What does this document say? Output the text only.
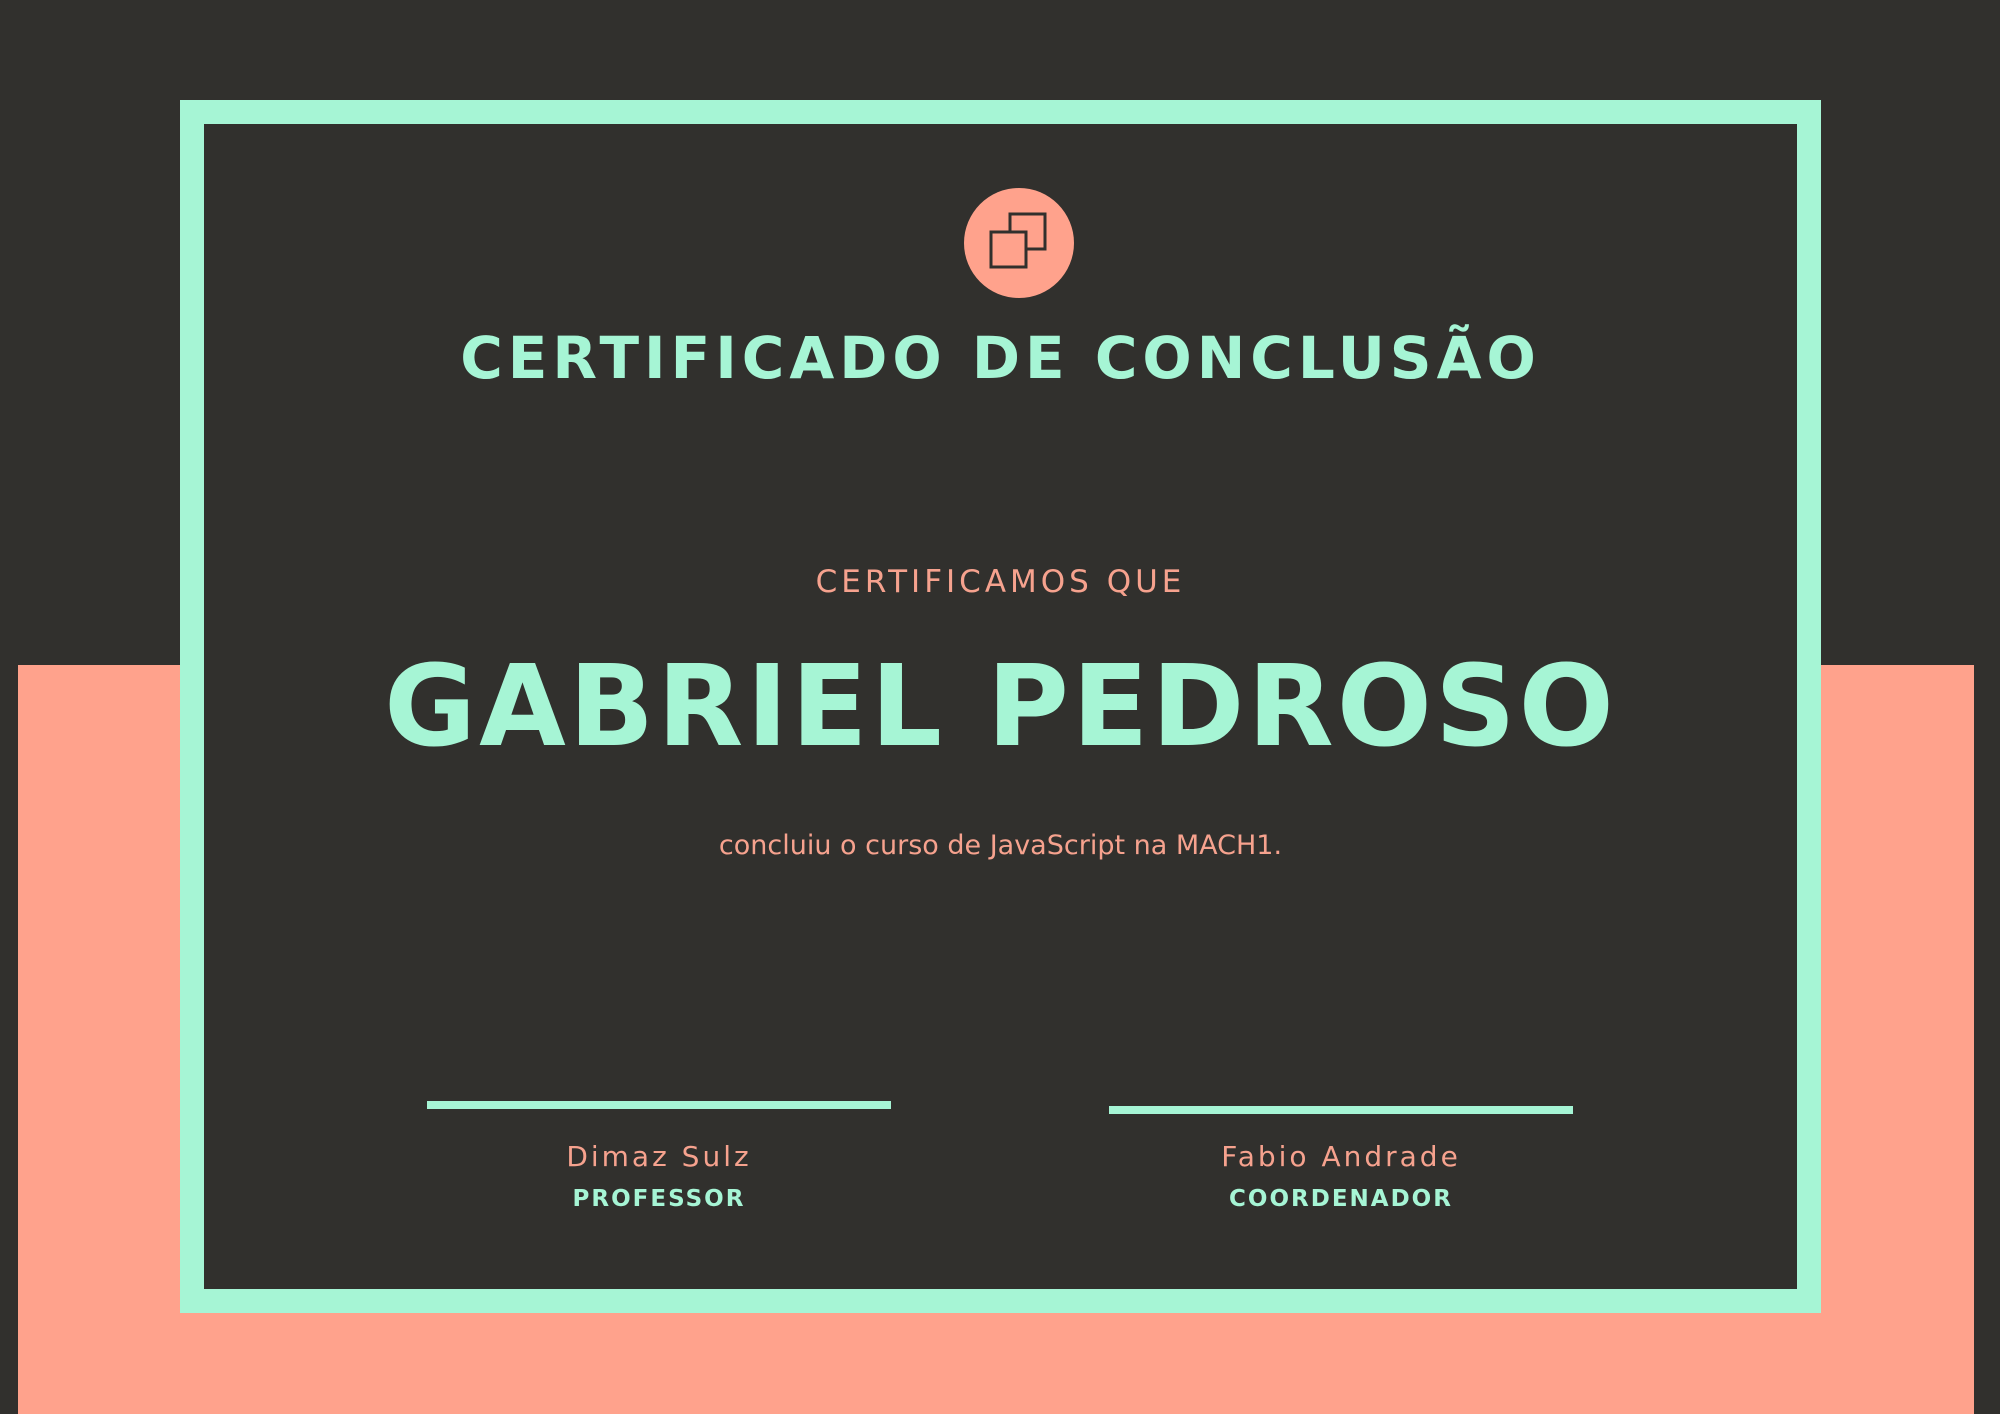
CERTIFICADO DE CONCLUSÃO
CERTIFICAMOS QUE
GABRIEL PEDROSO
concluiu o curso de JavaScript na MACH1.
Dimaz Sulz
PROFESSOR
Fabio Andrade
COORDENADOR
